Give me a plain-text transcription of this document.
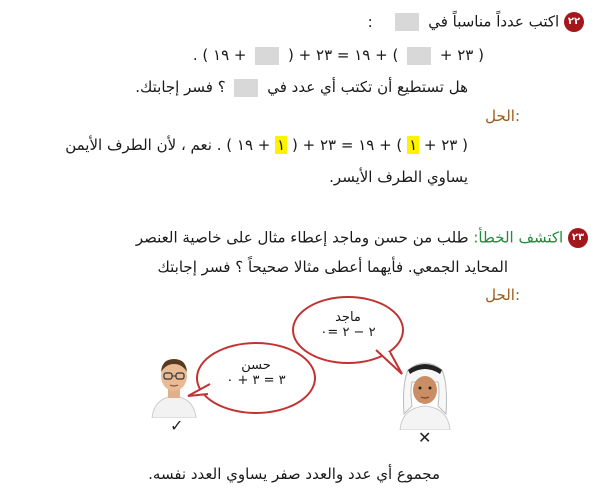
٢٢ اكتب عدداً مناسباً في  :
( ٢٣ +  ) + ١٩ = ٢٣ + (  + ١٩ ) .
هل تستطيع أن تكتب أي عدد في  ؟ فسر إجابتك.
الحل:
( ٢٣ + ١ ) + ١٩ = ٢٣ + ( ١ + ١٩ ) . نعم ، لأن الطرف الأيمن
يساوي الطرف الأيسر.
٢٣ اكتشف الخطأ: طلب من حسن وماجد إعطاء مثال على خاصية العنصر
المحايد الجمعي. فأيهما أعطى مثالا صحيحاً ؟ فسر إجابتك
الحل:
ماجد
٢ − ٢ =٠
حسن
٣ = ٣ + ٠
✓
✕
مجموع أي عدد والعدد صفر يساوي العدد نفسه.
